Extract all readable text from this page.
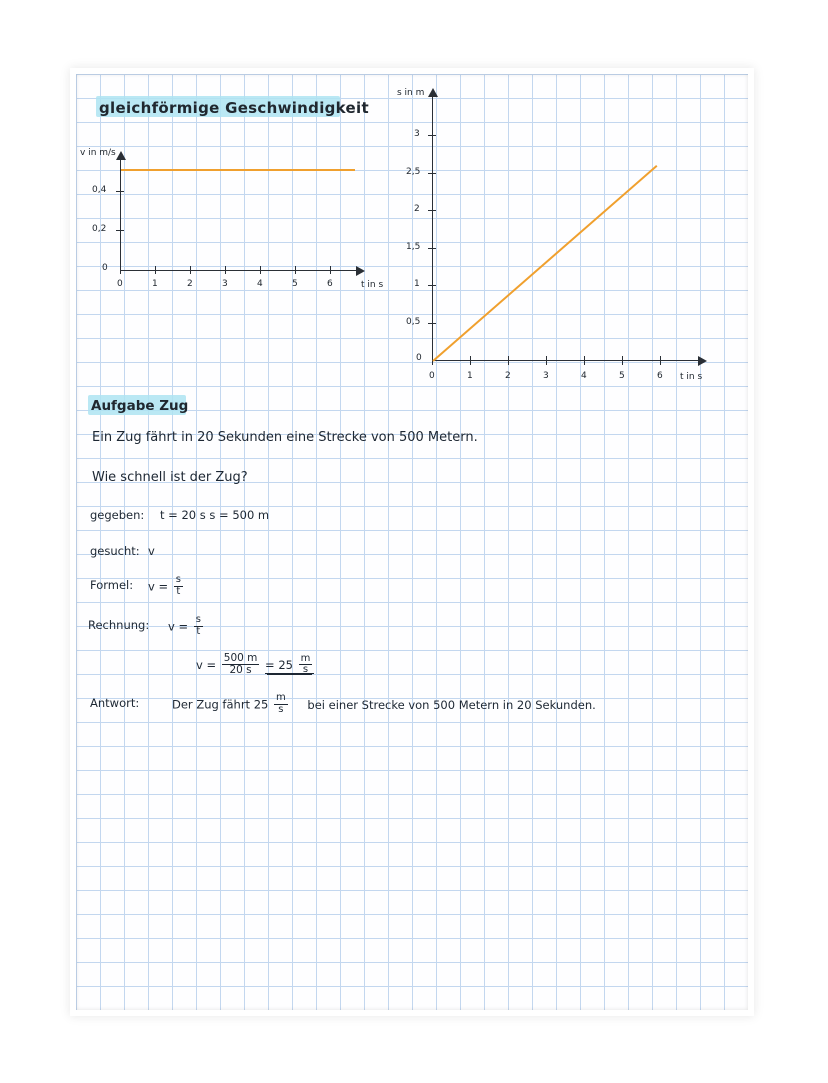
gleichförmige Geschwindigkeit
v in m/s
t in s
0,4
0,2
0
0	1	2	3	4	5	6
s in m
t in s
3
2,5
2
1,5
1
0,5
0
0	1	2	3	4	5	6
Aufgabe Zug
Ein Zug fährt in 20 Sekunden eine Strecke von 500 Metern.
Wie schnell ist der Zug?
gegeben: t = 20 s s = 500 m
gesucht: v
Formel: $v = \frac{s}{t}$
Rechnung: $v = \frac{s}{t}$
$v = \frac{500 m}{20 s} = 25 \frac{m}{s}$
Antwort:	Der Zug fährt $25 \frac{m}{s}$ bei einer Strecke von 500 Metern in 20 Sekunden.
